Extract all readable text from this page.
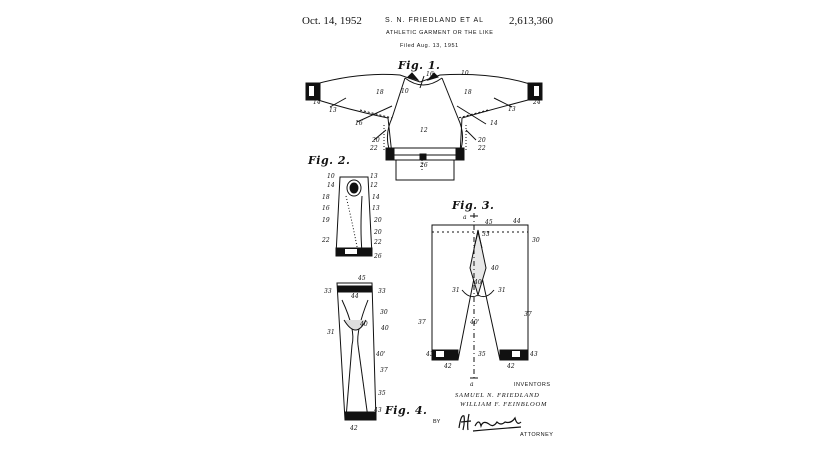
Oct. 14, 1952	S. N. FRIEDLAND ET AL 2,613,360
ATHLETIC GARMENT OR THE LIKE
Filed Aug. 13, 1951
16	10
10
18	18
14
13	13
24
16	14
20	20
22	22
12
26
10	13
14	12
18	14
16	13
19	20
20
22	22
26
a
45	44
30
33
40
40
31	31
37
37
40'
43	43
42
35
42
a
45
33
44
33
30
40
40
40'
31
37
35
43
42
Fig. 1.
Fig. 2.
Fig. 3.
Fig. 4.
INVENTORS
SAMUEL N. FRIEDLAND
WILLIAM F. FEINBLOOM
BY
ATTORNEY
